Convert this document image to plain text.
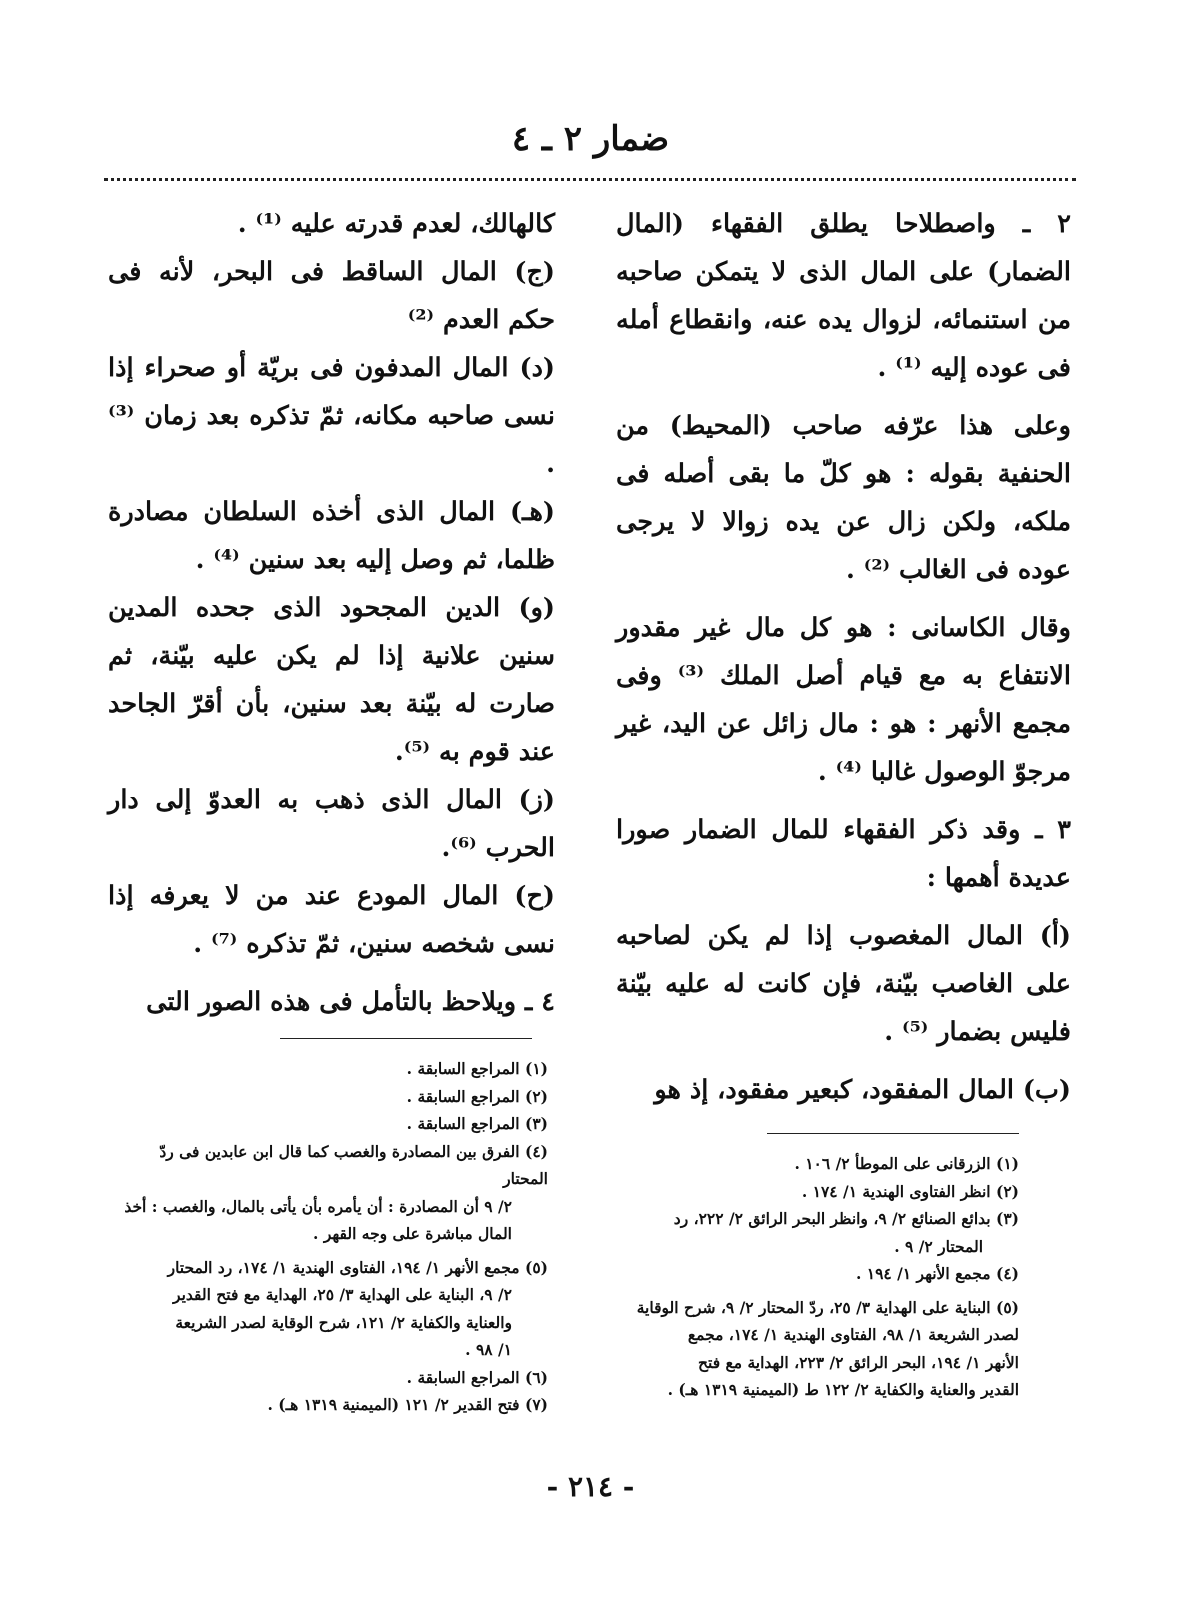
ضمار ٢ ـ ٤

٢ ـ واصطلاحا يطلق الفقهاء (المال الضمار) على المال الذى لا يتمكن صاحبه من استنمائه، لزوال يده عنه، وانقطاع أمله فى عوده إليه ⁽¹⁾ .

وعلى هذا عرّفه صاحب (المحيط) من الحنفية بقوله : هو كلّ ما بقى أصله فى ملكه، ولكن زال عن يده زوالا لا يرجى عوده فى الغالب ⁽²⁾ .

وقال الكاسانى : هو كل مال غير مقدور الانتفاع به مع قيام أصل الملك ⁽³⁾ وفى مجمع الأنهر : هو : مال زائل عن اليد، غير مرجوّ الوصول غالبا ⁽⁴⁾ .

٣ ـ وقد ذكر الفقهاء للمال الضمار صورا عديدة أهمها :

(أ) المال المغصوب إذا لم يكن لصاحبه على الغاصب بيّنة، فإن كانت له عليه بيّنة فليس بضمار ⁽⁵⁾ .

(ب) المال المفقود، كبعير مفقود، إذ هو

كالهالك، لعدم قدرته عليه ⁽¹⁾ .

(ج) المال الساقط فى البحر، لأنه فى حكم العدم ⁽²⁾

(د) المال المدفون فى بريّة أو صحراء إذا نسى صاحبه مكانه، ثمّ تذكره بعد زمان ⁽³⁾ .

(هـ) المال الذى أخذه السلطان مصادرة ظلما، ثم وصل إليه بعد سنين ⁽⁴⁾ .

(و) الدين المجحود الذى جحده المدين سنين علانية إذا لم يكن عليه بيّنة، ثم صارت له بيّنة بعد سنين، بأن أقرّ الجاحد عند قوم به ⁽⁵⁾.

(ز) المال الذى ذهب به العدوّ إلى دار الحرب ⁽⁶⁾.

(ح) المال المودع عند من لا يعرفه إذا نسى شخصه سنين، ثمّ تذكره ⁽⁷⁾ .

٤ ـ ويلاحظ بالتأمل فى هذه الصور التى

(١) الزرقانى على الموطأ ٢/ ١٠٦ .

(٢) انظر الفتاوى الهندية ١/ ١٧٤ .

(٣) بدائع الصنائع ٢/ ٩، وانظر البحر الرائق ٢/ ٢٢٢، رد

المحتار ٢/ ٩ .

(٤) مجمع الأنهر ١/ ١٩٤ .

(٥) البناية على الهداية ٣/ ٢٥، ردّ المحتار ٢/ ٩، شرح الوقاية

لصدر الشريعة ١/ ٩٨، الفتاوى الهندية ١/ ١٧٤، مجمع

الأنهر ١/ ١٩٤، البحر الرائق ٢/ ٢٢٣، الهداية مع فتح

القدير والعناية والكفاية ٢/ ١٢٢ ط (الميمنية ١٣١٩ هـ) .

(١) المراجع السابقة .

(٢) المراجع السابقة .

(٣) المراجع السابقة .

(٤) الفرق بين المصادرة والغصب كما قال ابن عابدين فى ردّ المحتار

٢/ ٩ أن المصادرة : أن يأمره بأن يأتى بالمال، والغصب : أخذ

المال مباشرة على وجه القهر .

(٥) مجمع الأنهر ١/ ١٩٤، الفتاوى الهندية ١/ ١٧٤، رد المحتار

٢/ ٩، البناية على الهداية ٣/ ٢٥، الهداية مع فتح القدير

والعناية والكفاية ٢/ ١٢١، شرح الوقاية لصدر الشريعة

١/ ٩٨ .

(٦) المراجع السابقة .

(٧) فتح القدير ٢/ ١٢١ (الميمنية ١٣١٩ هـ) .

- ٢١٤ -
